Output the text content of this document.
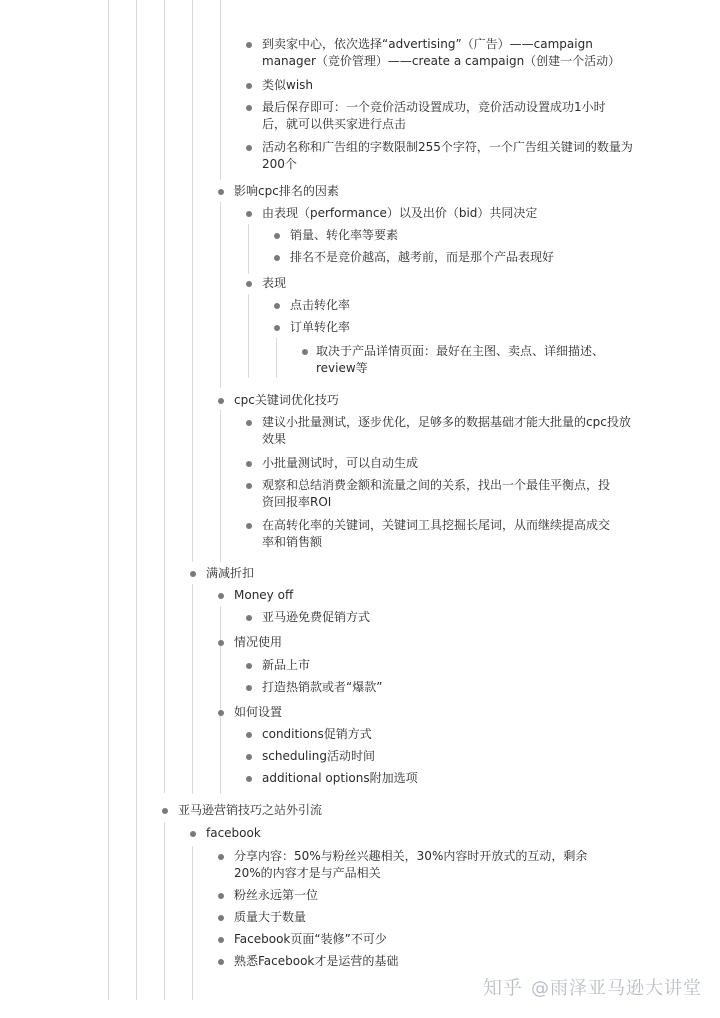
到卖家中心，依次选择“advertising”（广告）——campaign manager（竞价管理）——create a campaign（创建一个活动）
类似wish
最后保存即可：一个竞价活动设置成功，竞价活动设置成功1小时后，就可以供买家进行点击
活动名称和广告组的字数限制255个字符，一个广告组关键词的数量为200个
影响cpc排名的因素
由表现（performance）以及出价（bid）共同决定
销量、转化率等要素
排名不是竞价越高，越考前，而是那个产品表现好
表现
点击转化率
订单转化率
取决于产品详情页面：最好在主图、卖点、详细描述、review等
cpc关键词优化技巧
建议小批量测试，逐步优化，足够多的数据基础才能大批量的cpc投放效果
小批量测试时，可以自动生成
观察和总结消费金额和流量之间的关系，找出一个最佳平衡点，投资回报率ROI
在高转化率的关键词，关键词工具挖掘长尾词，从而继续提高成交率和销售额
满减折扣
Money off
亚马逊免费促销方式
情况使用
新品上市
打造热销款或者“爆款”
如何设置
conditions促销方式
scheduling活动时间
additional options附加选项
亚马逊营销技巧之站外引流
facebook
分享内容：50%与粉丝兴趣相关，30%内容时开放式的互动，剩余20%的内容才是与产品相关
粉丝永远第一位
质量大于数量
Facebook页面“装修”不可少
熟悉Facebook才是运营的基础
知乎 @雨泽亚马逊大讲堂
